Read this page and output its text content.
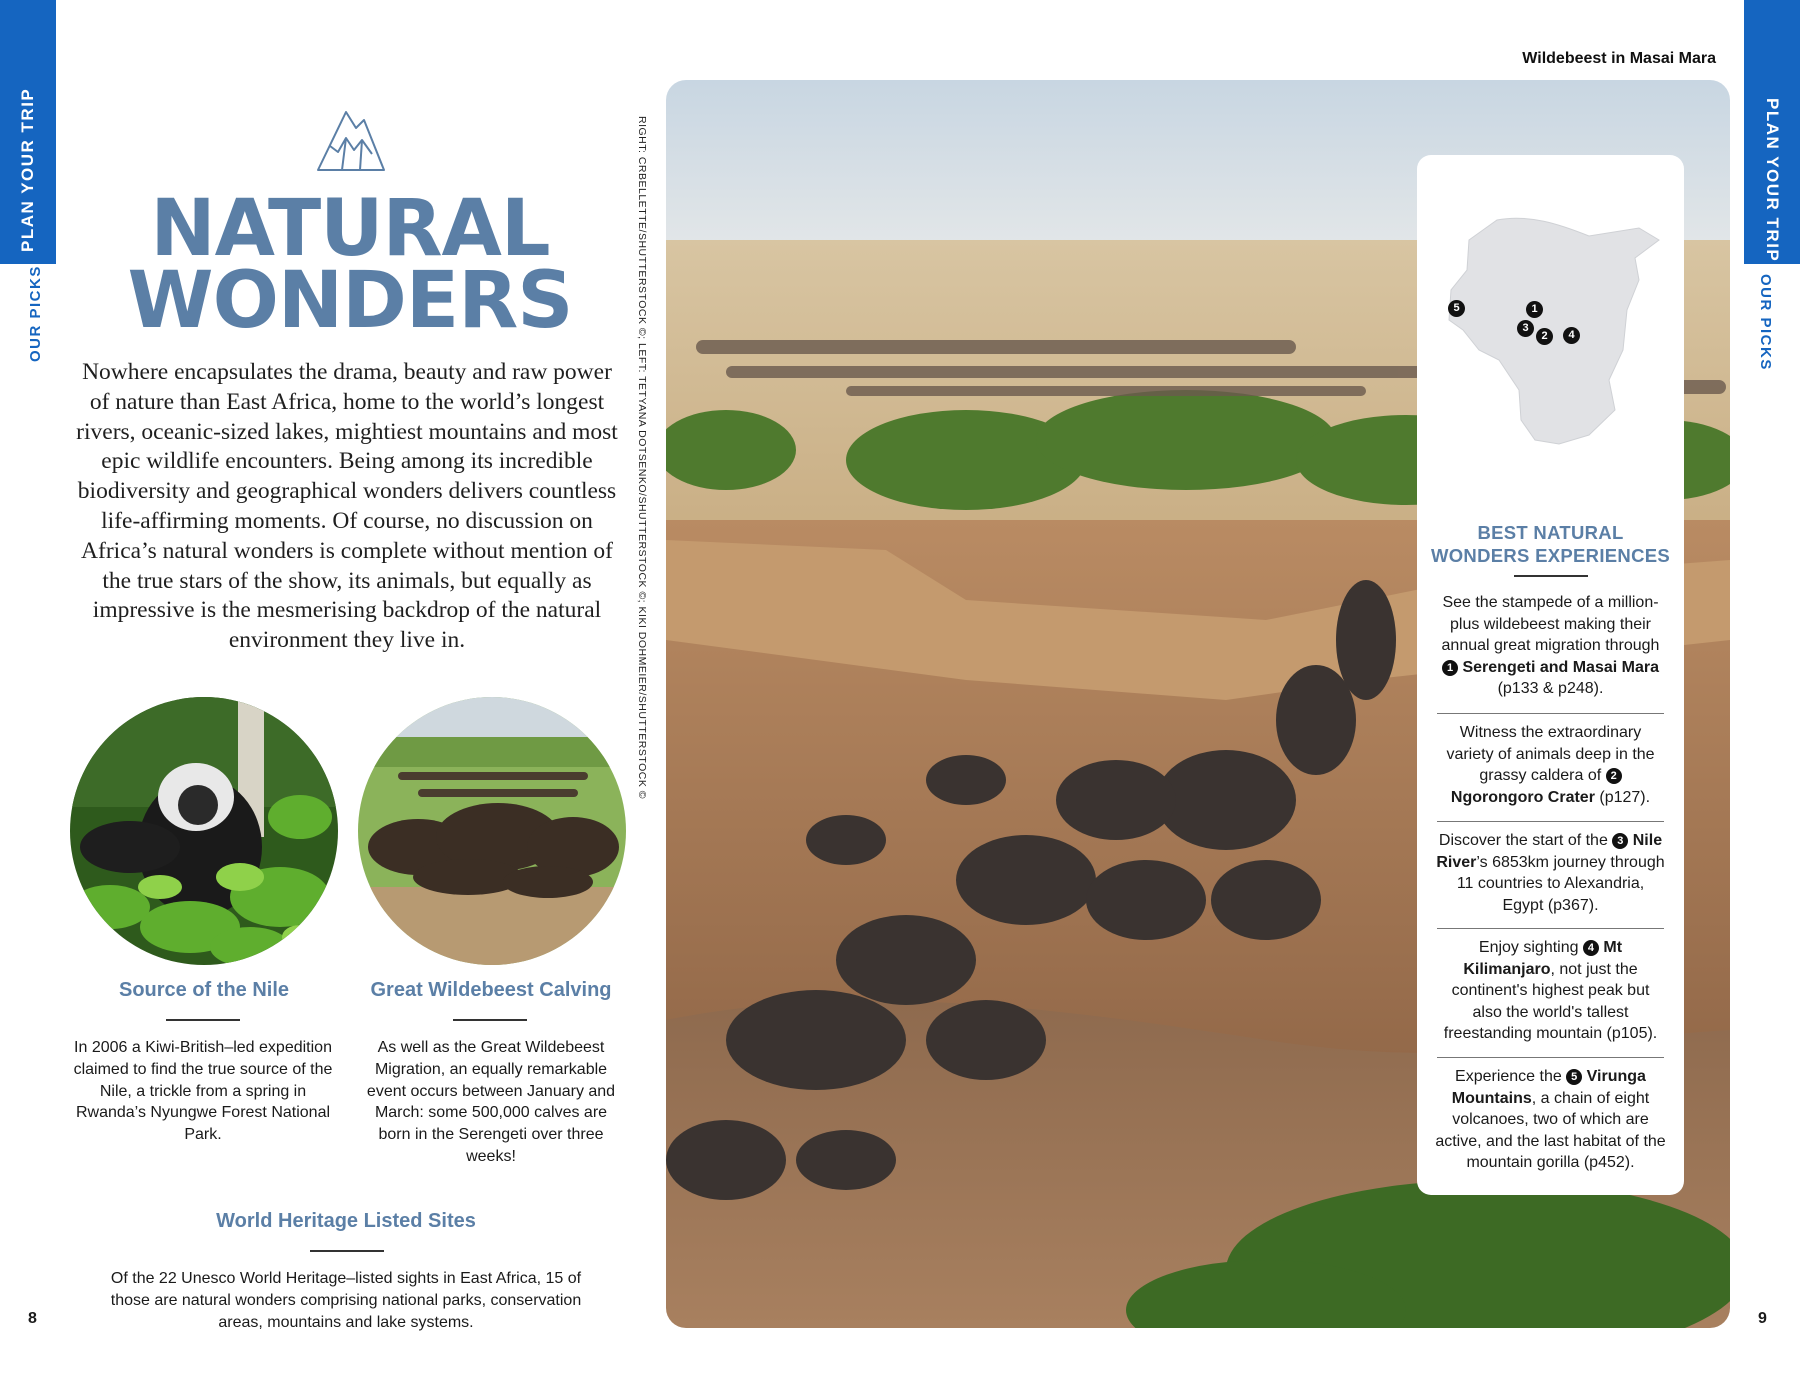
PLAN YOUR TRIP
OUR PICKS
PLAN YOUR TRIP
OUR PICKS
NATURAL
WONDERS
Nowhere encapsulates the drama, beauty and raw power of nature than East Africa, home to the world’s longest rivers, oceanic-sized lakes, mightiest mountains and most epic wildlife encounters. Being among its incredible biodiversity and geographical wonders delivers countless life-affirming moments. Of course, no discussion on Africa’s natural wonders is complete without mention of the true stars of the show, its animals, but equally as impressive is the mesmerising backdrop of the natural environment they live in.
Source of the Nile
In 2006 a Kiwi-British–led expedition claimed to find the true source of the Nile, a trickle from a spring in Rwanda’s Nyungwe Forest National Park.
Great Wildebeest Calving
As well as the Great Wildebeest Migration, an equally remarkable event occurs between January and March: some 500,000 calves are born in the Serengeti over three weeks!
World Heritage Listed Sites
Of the 22 Unesco World Heritage–listed sights in East Africa, 15 of those are natural wonders comprising national parks, conservation areas, mountains and lake systems.
RIGHT: CRBELLETTE/SHUTTERSTOCK ©; LEFT: TETYANA DOTSENKO/SHUTTERSTOCK ©; KIKI DOHMEIER/SHUTTERSTOCK ©
8	9
Wildebeest in Masai Mara
5	1
3
2	4
BEST NATURAL
WONDERS EXPERIENCES
See the stampede of a million-plus wildebeest making their annual great migration through 1 Serengeti and Masai Mara (p133 & p248).
Witness the extraordinary variety of animals deep in the grassy caldera of 2 Ngorongoro Crater (p127).
Discover the start of the 3 Nile River’s 6853km journey through 11 countries to Alexandria, Egypt (p367).
Enjoy sighting 4 Mt Kilimanjaro, not just the continent's highest peak but also the world's tallest freestanding mountain (p105).
Experience the 5 Virunga Mountains, a chain of eight volcanoes, two of which are active, and the last habitat of the mountain gorilla (p452).
